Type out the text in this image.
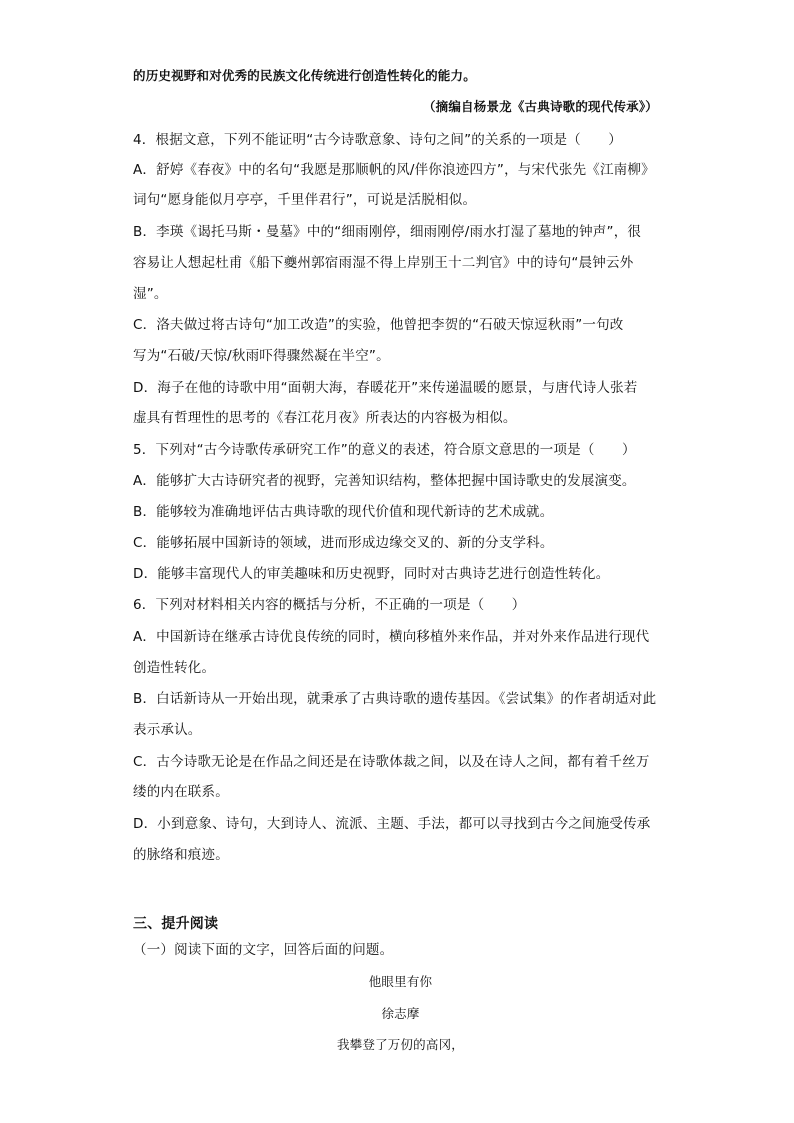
的历史视野和对优秀的民族文化传统进行创造性转化的能力。
（摘编自杨景龙《古典诗歌的现代传承》）
4．根据文意，下列不能证明“古今诗歌意象、诗句之间”的关系的一项是（　　）
A．舒婷《春夜》中的名句“我愿是那顺帆的风/伴你浪迹四方”，与宋代张先《江南柳》
词句“愿身能似月亭亭，千里伴君行”，可说是活脱相似。
B．李瑛《谒托马斯・曼墓》中的“细雨刚停，细雨刚停/雨水打湿了墓地的钟声”，很
容易让人想起杜甫《船下夔州郭宿雨湿不得上岸别王十二判官》中的诗句“晨钟云外
湿”。
C．洛夫做过将古诗句“加工改造”的实验，他曾把李贺的“石破天惊逗秋雨”一句改
写为“石破/天惊/秋雨吓得骤然凝在半空”。
D．海子在他的诗歌中用“面朝大海，春暖花开”来传递温暖的愿景，与唐代诗人张若
虚具有哲理性的思考的《春江花月夜》所表达的内容极为相似。
5．下列对“古今诗歌传承研究工作”的意义的表述，符合原文意思的一项是（　　）
A．能够扩大古诗研究者的视野，完善知识结构，整体把握中国诗歌史的发展演变。
B．能够较为准确地评估古典诗歌的现代价值和现代新诗的艺术成就。
C．能够拓展中国新诗的领域，进而形成边缘交叉的、新的分支学科。
D．能够丰富现代人的审美趣味和历史视野，同时对古典诗艺进行创造性转化。
6．下列对材料相关内容的概括与分析，不正确的一项是（　　）
A．中国新诗在继承古诗优良传统的同时，横向移植外来作品，并对外来作品进行现代
创造性转化。
B．白话新诗从一开始出现，就秉承了古典诗歌的遗传基因。《尝试集》的作者胡适对此
表示承认。
C．古今诗歌无论是在作品之间还是在诗歌体裁之间，以及在诗人之间，都有着千丝万
缕的内在联系。
D．小到意象、诗句，大到诗人、流派、主题、手法，都可以寻找到古今之间施受传承
的脉络和痕迹。
三、提升阅读
（一）阅读下面的文字，回答后面的问题。
他眼里有你
徐志摩
我攀登了万仞的高冈，
